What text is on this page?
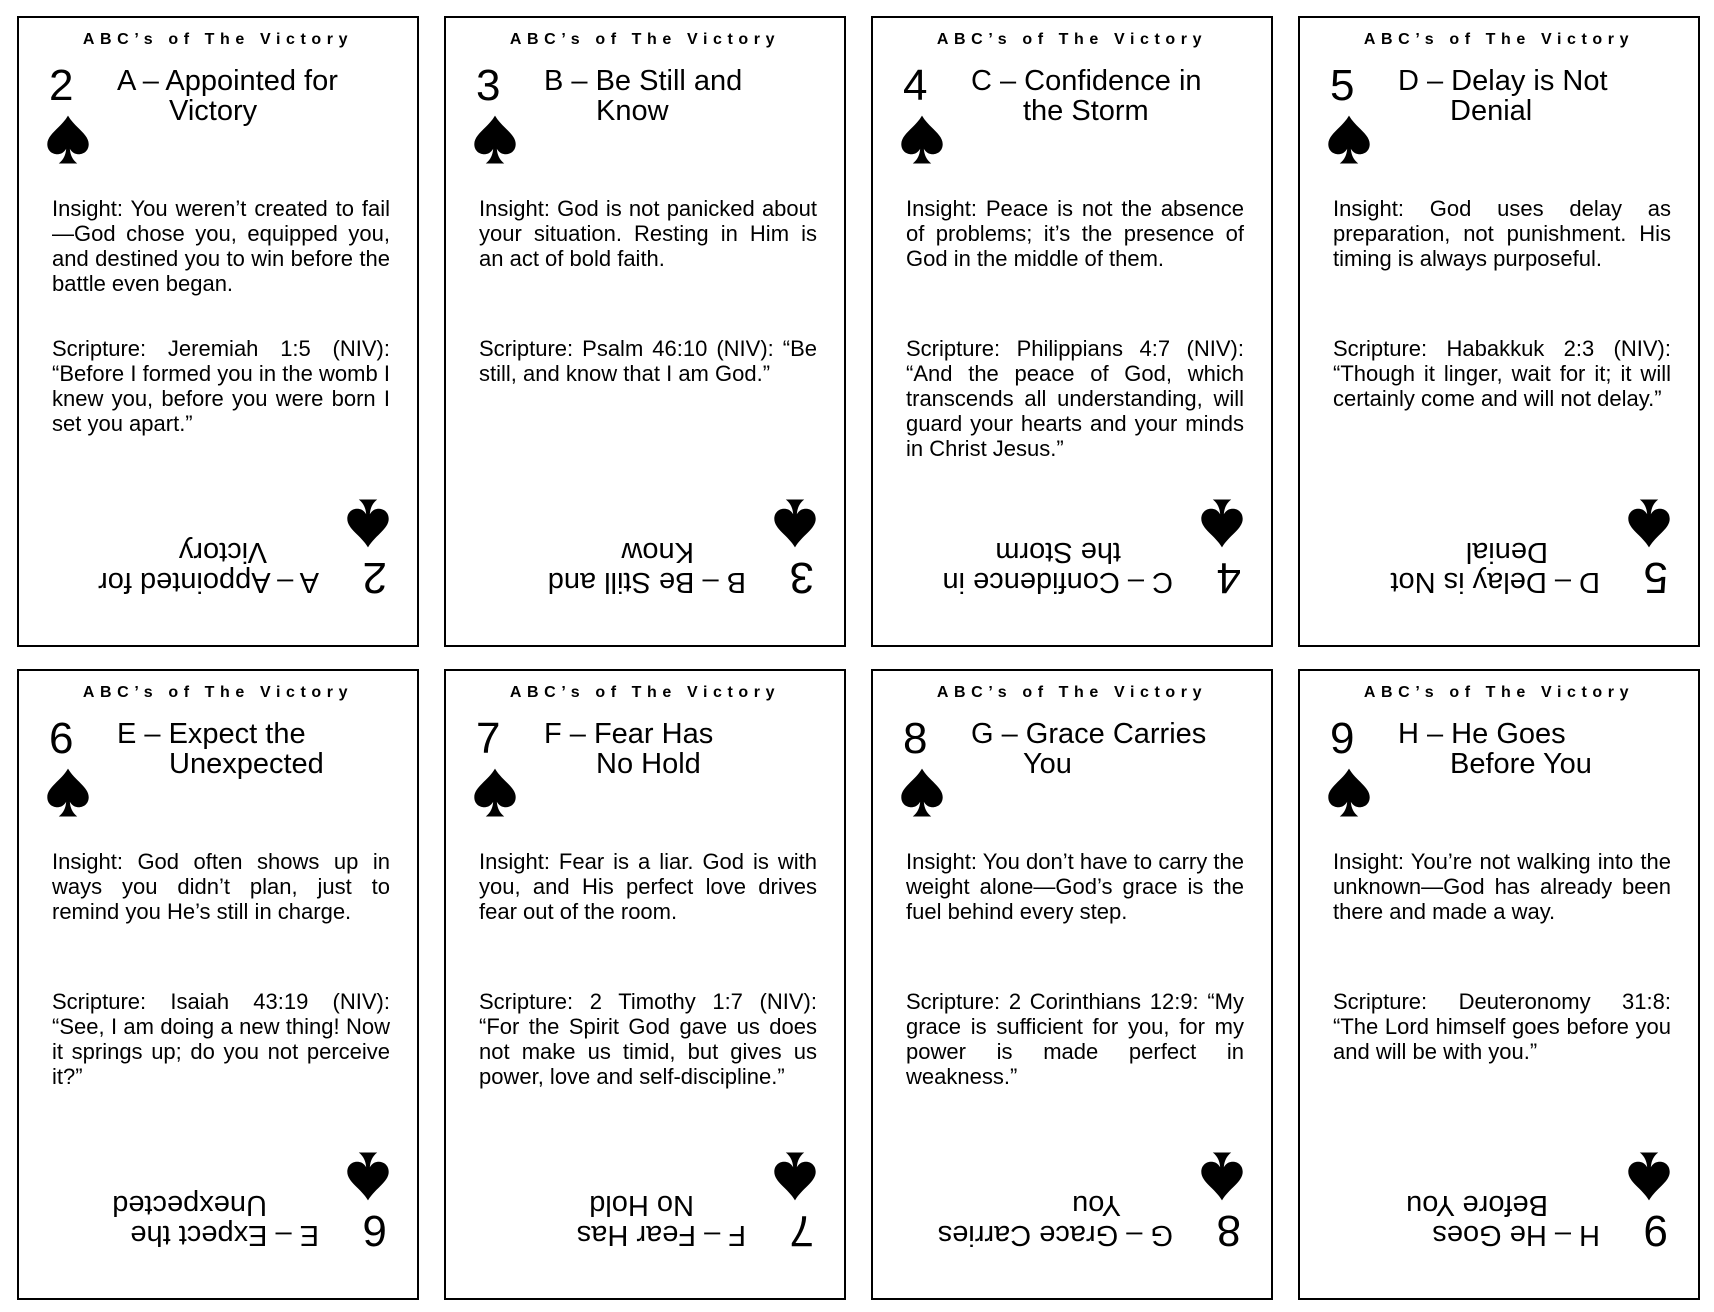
ABC’s of The Victory
2 A – Appointed for
Victory
Insight: You weren’t created to fail—God chose you, equipped you, and destined you to win before the battle even began.
Scripture: Jeremiah 1:5 (NIV): “Before I formed you in the womb I knew you, before you were born I set you apart.”
2
A – Appointed for
Victory
ABC’s of The Victory
3 B – Be Still and
Know
Insight: God is not panicked about your situation. Resting in Him is an act of bold faith.
Scripture: Psalm 46:10 (NIV): “Be still, and know that I am God.”
3
B – Be Still and
Know
ABC’s of The Victory
4 C – Confidence in
the Storm
Insight: Peace is not the absence of problems; it’s the presence of God in the middle of them.
Scripture: Philippians 4:7 (NIV): “And the peace of God, which transcends all understanding, will guard your hearts and your minds in Christ Jesus.”
4
C – Confidence in
the Storm
ABC’s of The Victory
5 D – Delay is Not
Denial
Insight: God uses delay as preparation, not punishment. His timing is always purposeful.
Scripture: Habakkuk 2:3 (NIV): “Though it linger, wait for it; it will certainly come and will not delay.”
5
D – Delay is Not
Denial
ABC’s of The Victory
6 E – Expect the
Unexpected
Insight: God often shows up in ways you didn’t plan, just to remind you He’s still in charge.
Scripture: Isaiah 43:19 (NIV): “See, I am doing a new thing! Now it springs up; do you not perceive it?”
6
E – Expect the
Unexpected
ABC’s of The Victory
7 F – Fear Has
No Hold
Insight: Fear is a liar. God is with you, and His perfect love drives fear out of the room.
Scripture: 2 Timothy 1:7 (NIV): “For the Spirit God gave us does not make us timid, but gives us power, love and self-discipline.”
7
F – Fear Has
No Hold
ABC’s of The Victory
8 G – Grace Carries
You
Insight: You don’t have to carry the weight alone—God’s grace is the fuel behind every step.
Scripture: 2 Corinthians 12:9: “My grace is sufficient for you, for my power is made perfect in weakness.”
8
G – Grace Carries
You
ABC’s of The Victory
9 H – He Goes
Before You
Insight: You’re not walking into the unknown—God has already been there and made a way.
Scripture: Deuteronomy 31:8: “The Lord himself goes before you and will be with you.”
9
H – He Goes
Before You
